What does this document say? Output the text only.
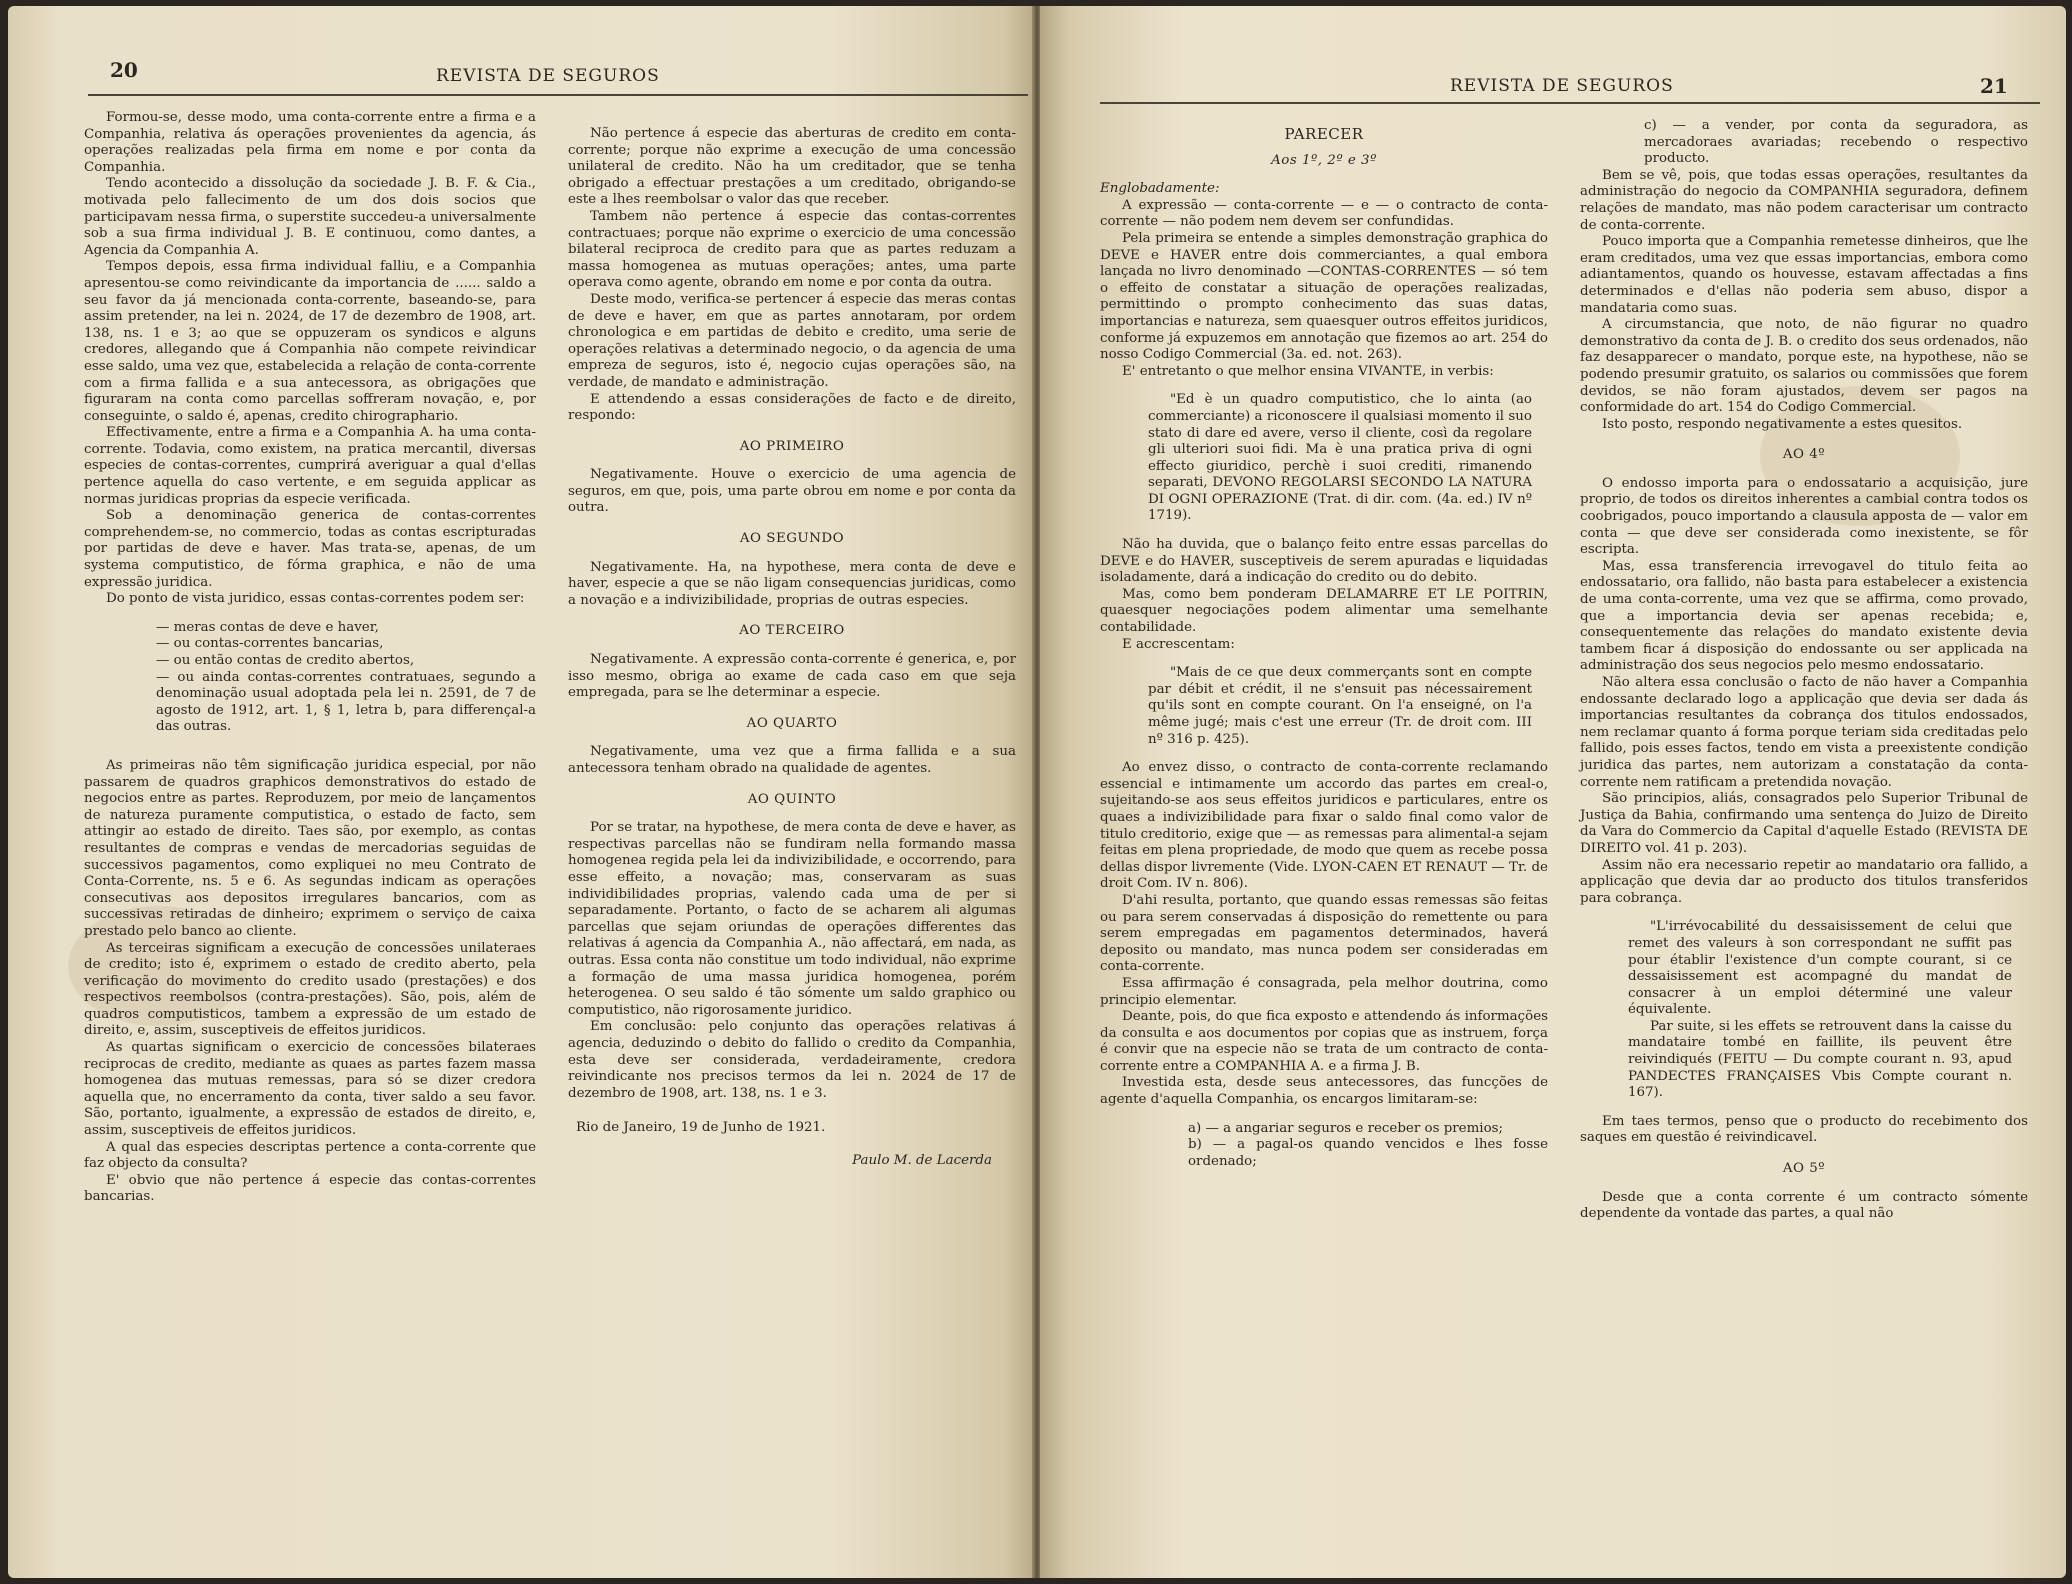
20	REVISTA DE SEGUROS

Formou-se, desse modo, uma conta-corrente entre a firma e a Companhia, relativa ás operações provenientes da agencia, ás operações realizadas pela firma em nome e por conta da Companhia.

Tendo acontecido a dissolução da sociedade J. B. F. & Cia., motivada pelo fallecimento de um dos dois socios que participavam nessa firma, o superstite succedeu-a universalmente sob a sua firma individual J. B. E continuou, como dantes, a Agencia da Companhia A.

Tempos depois, essa firma individual falliu, e a Companhia apresentou-se como reivindicante da importancia de ...... saldo a seu favor da já mencionada conta-corrente, baseando-se, para assim pretender, na lei n. 2024, de 17 de dezembro de 1908, art. 138, ns. 1 e 3; ao que se oppuzeram os syndicos e alguns credores, allegando que á Companhia não compete reivindicar esse saldo, uma vez que, estabelecida a relação de conta-corrente com a firma fallida e a sua antecessora, as obrigações que figuraram na conta como parcellas soffreram novação, e, por conseguinte, o saldo é, apenas, credito chirographario.

Effectivamente, entre a firma e a Companhia A. ha uma conta-corrente. Todavia, como existem, na pratica mercantil, diversas especies de contas-correntes, cumprirá averiguar a qual d'ellas pertence aquella do caso vertente, e em seguida applicar as normas juridicas proprias da especie verificada.

Sob a denominação generica de contas-correntes comprehendem-se, no commercio, todas as contas escripturadas por partidas de deve e haver. Mas trata-se, apenas, de um systema computistico, de fórma graphica, e não de uma expressão juridica.

Do ponto de vista juridico, essas contas-correntes podem ser:

— meras contas de deve e haver,

— ou contas-correntes bancarias,

— ou então contas de credito abertos,

— ou ainda contas-correntes contratuaes, segundo a denominação usual adoptada pela lei n. 2591, de 7 de agosto de 1912, art. 1, § 1, letra b, para differençal-a das outras.

As primeiras não têm significação juridica especial, por não passarem de quadros graphicos demonstrativos do estado de negocios entre as partes. Reproduzem, por meio de lançamentos de natureza puramente computistica, o estado de facto, sem attingir ao estado de direito. Taes são, por exemplo, as contas resultantes de compras e vendas de mercadorias seguidas de successivos pagamentos, como expliquei no meu Contrato de Conta-Corrente, ns. 5 e 6. As segundas indicam as operações consecutivas aos depositos irregulares bancarios, com as successivas retiradas de dinheiro; exprimem o serviço de caixa prestado pelo banco ao cliente.

As terceiras significam a execução de concessões unilateraes de credito; isto é, exprimem o estado de credito aberto, pela verificação do movimento do credito usado (prestações) e dos respectivos reembolsos (contra-prestações). São, pois, além de quadros computisticos, tambem a expressão de um estado de direito, e, assim, susceptiveis de effeitos juridicos.

As quartas significam o exercicio de concessões bilateraes reciprocas de credito, mediante as quaes as partes fazem massa homogenea das mutuas remessas, para só se dizer credora aquella que, no encerramento da conta, tiver saldo a seu favor. São, portanto, igualmente, a expressão de estados de direito, e, assim, susceptiveis de effeitos juridicos.

A qual das especies descriptas pertence a conta-corrente que faz objecto da consulta?

E' obvio que não pertence á especie das contas-correntes bancarias.

Não pertence á especie das aberturas de credito em conta-corrente; porque não exprime a execução de uma concessão unilateral de credito. Não ha um creditador, que se tenha obrigado a effectuar prestações a um creditado, obrigando-se este a lhes reembolsar o valor das que receber.

Tambem não pertence á especie das contas-correntes contractuaes; porque não exprime o exercicio de uma concessão bilateral reciproca de credito para que as partes reduzam a massa homogenea as mutuas operações; antes, uma parte operava como agente, obrando em nome e por conta da outra.

Deste modo, verifica-se pertencer á especie das meras contas de deve e haver, em que as partes annotaram, por ordem chronologica e em partidas de debito e credito, uma serie de operações relativas a determinado negocio, o da agencia de uma empreza de seguros, isto é, negocio cujas operações são, na verdade, de mandato e administração.

E attendendo a essas considerações de facto e de direito, respondo:

AO PRIMEIRO

Negativamente. Houve o exercicio de uma agencia de seguros, em que, pois, uma parte obrou em nome e por conta da outra.

AO SEGUNDO

Negativamente. Ha, na hypothese, mera conta de deve e haver, especie a que se não ligam consequencias juridicas, como a novação e a indivizibilidade, proprias de outras especies.

AO TERCEIRO

Negativamente. A expressão conta-corrente é generica, e, por isso mesmo, obriga ao exame de cada caso em que seja empregada, para se lhe determinar a especie.

AO QUARTO

Negativamente, uma vez que a firma fallida e a sua antecessora tenham obrado na qualidade de agentes.

AO QUINTO

Por se tratar, na hypothese, de mera conta de deve e haver, as respectivas parcellas não se fundiram nella formando massa homogenea regida pela lei da indivizibilidade, e occorrendo, para esse effeito, a novação; mas, conservaram as suas individibilidades proprias, valendo cada uma de per si separadamente. Portanto, o facto de se acharem ali algumas parcellas que sejam oriundas de operações differentes das relativas á agencia da Companhia A., não affectará, em nada, as outras. Essa conta não constitue um todo individual, não exprime a formação de uma massa juridica homogenea, porém heterogenea. O seu saldo é tão sómente um saldo graphico ou computistico, não rigorosamente juridico.

Em conclusão: pelo conjunto das operações relativas á agencia, deduzindo o debito do fallido o credito da Companhia, esta deve ser considerada, verdadeiramente, credora reivindicante nos precisos termos da lei n. 2024 de 17 de dezembro de 1908, art. 138, ns. 1 e 3.

Rio de Janeiro, 19 de Junho de 1921.

Paulo M. de Lacerda

REVISTA DE SEGUROS	21
PARECER
Aos 1º, 2º e 3º

Englobadamente:

A expressão — conta-corrente — e — o contracto de conta-corrente — não podem nem devem ser confundidas.

Pela primeira se entende a simples demonstração graphica do DEVE e HAVER entre dois commerciantes, a qual embora lançada no livro denominado —CONTAS-CORRENTES — só tem o effeito de constatar a situação de operações realizadas, permittindo o prompto conhecimento das suas datas, importancias e natureza, sem quaesquer outros effeitos juridicos, conforme já expuzemos em annotação que fizemos ao art. 254 do nosso Codigo Commercial (3a. ed. not. 263).

E' entretanto o que melhor ensina VIVANTE, in verbis:

"Ed è un quadro computistico, che lo ainta (ao commerciante) a riconoscere il qualsiasi momento il suo stato di dare ed avere, verso il cliente, così da regolare gli ulteriori suoi fidi. Ma è una pratica priva di ogni effecto giuridico, perchè i suoi crediti, rimanendo separati, DEVONO REGOLARSI SECONDO LA NATURA DI OGNI OPERAZIONE (Trat. di dir. com. (4a. ed.) IV nº 1719).

Não ha duvida, que o balanço feito entre essas parcellas do DEVE e do HAVER, susceptiveis de serem apuradas e liquidadas isoladamente, dará a indicação do credito ou do debito.

Mas, como bem ponderam DELAMARRE ET LE POITRIN, quaesquer negociações podem alimentar uma semelhante contabilidade.

E accrescentam:

"Mais de ce que deux commerçants sont en compte par débit et crédit, il ne s'ensuit pas nécessairement qu'ils sont en compte courant. On l'a enseigné, on l'a même jugé; mais c'est une erreur (Tr. de droit com. III nº 316 p. 425).

Ao envez disso, o contracto de conta-corrente reclamando essencial e intimamente um accordo das partes em creal-o, sujeitando-se aos seus effeitos juridicos e particulares, entre os quaes a indivizibilidade para fixar o saldo final como valor de titulo creditorio, exige que — as remessas para alimental-a sejam feitas em plena propriedade, de modo que quem as recebe possa dellas dispor livremente (Vide. LYON-CAEN ET RENAUT — Tr. de droit Com. IV n. 806).

D'ahi resulta, portanto, que quando essas remessas são feitas ou para serem conservadas á disposição do remettente ou para serem empregadas em pagamentos determinados, haverá deposito ou mandato, mas nunca podem ser consideradas em conta-corrente.

Essa affirmação é consagrada, pela melhor doutrina, como principio elementar.

Deante, pois, do que fica exposto e attendendo ás informações da consulta e aos documentos por copias que as instruem, força é convir que na especie não se trata de um contracto de conta-corrente entre a COMPANHIA A. e a firma J. B.

Investida esta, desde seus antecessores, das funcções de agente d'aquella Companhia, os encargos limitaram-se:

a) — a angariar seguros e receber os premios;

b) — a pagal-os quando vencidos e lhes fosse ordenado;

c) — a vender, por conta da seguradora, as mercadoraes avariadas; recebendo o respectivo producto.

Bem se vê, pois, que todas essas operações, resultantes da administração do negocio da COMPANHIA seguradora, definem relações de mandato, mas não podem caracterisar um contracto de conta-corrente.

Pouco importa que a Companhia remetesse dinheiros, que lhe eram creditados, uma vez que essas importancias, embora como adiantamentos, quando os houvesse, estavam affectadas a fins determinados e d'ellas não poderia sem abuso, dispor a mandataria como suas.

A circumstancia, que noto, de não figurar no quadro demonstrativo da conta de J. B. o credito dos seus ordenados, não faz desapparecer o mandato, porque este, na hypothese, não se podendo presumir gratuito, os salarios ou commissões que forem devidos, se não foram ajustados, devem ser pagos na conformidade do art. 154 do Codigo Commercial.

Isto posto, respondo negativamente a estes quesitos.

AO 4º

O endosso importa para o endossatario a acquisição, jure proprio, de todos os direitos inherentes a cambial contra todos os coobrigados, pouco importando a clausula apposta de — valor em conta — que deve ser considerada como inexistente, se fôr escripta.

Mas, essa transferencia irrevogavel do titulo feita ao endossatario, ora fallido, não basta para estabelecer a existencia de uma conta-corrente, uma vez que se affirma, como provado, que a importancia devia ser apenas recebida; e, consequentemente das relações do mandato existente devia tambem ficar á disposição do endossante ou ser applicada na administração dos seus negocios pelo mesmo endossatario.

Não altera essa conclusão o facto de não haver a Companhia endossante declarado logo a applicação que devia ser dada ás importancias resultantes da cobrança dos titulos endossados, nem reclamar quanto á forma porque teriam sida creditadas pelo fallido, pois esses factos, tendo em vista a preexistente condição juridica das partes, nem autorizam a constatação da conta-corrente nem ratificam a pretendida novação.

São principios, aliás, consagrados pelo Superior Tribunal de Justiça da Bahia, confirmando uma sentença do Juizo de Direito da Vara do Commercio da Capital d'aquelle Estado (REVISTA DE DIREITO vol. 41 p. 203).

Assim não era necessario repetir ao mandatario ora fallido, a applicação que devia dar ao producto dos titulos transferidos para cobrança.

"L'irrévocabilité du dessaisissement de celui que remet des valeurs à son correspondant ne suffit pas pour établir l'existence d'un compte courant, si ce dessaisissement est acompagné du mandat de consacrer à un emploi déterminé une valeur équivalente.

Par suite, si les effets se retrouvent dans la caisse du mandataire tombé en faillite, ils peuvent être reivindiqués (FEITU — Du compte courant n. 93, apud PANDECTES FRANÇAISES Vbis Compte courant n. 167).

Em taes termos, penso que o producto do recebimento dos saques em questão é reivindicavel.

AO 5º

Desde que a conta corrente é um contracto sómente dependente da vontade das partes, a qual não
